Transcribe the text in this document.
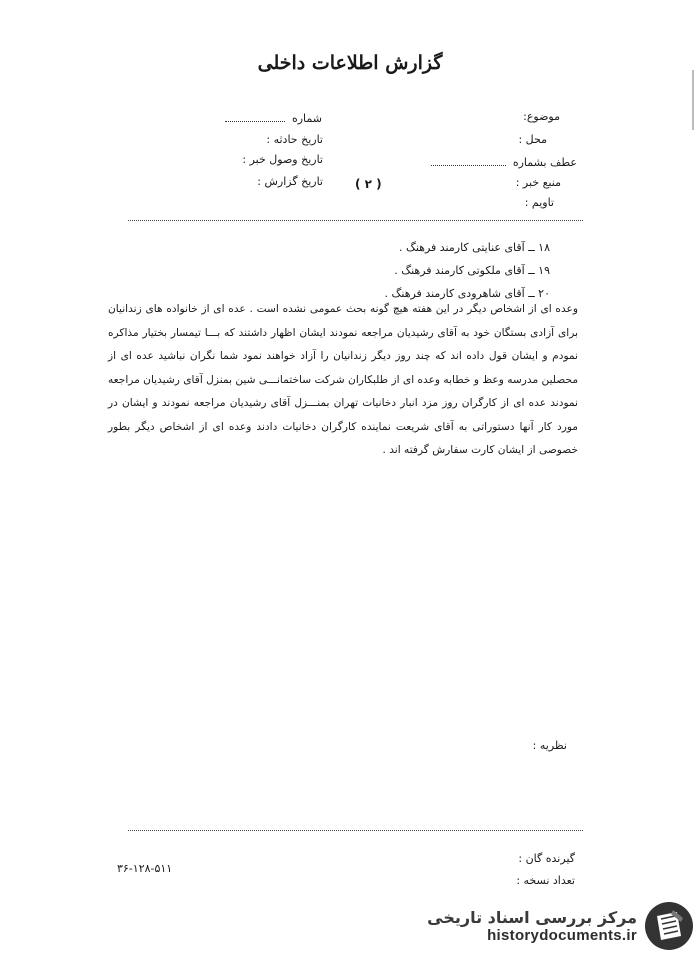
گزارش اطلاعات داخلی
موضوع:
محل :
عطف بشماره
منبع خبر :
تاویم :
شماره
تاریخ حادثه :
تاریخ وصول خبر :
تاریخ گزارش :	( ۲ )
۱۸ ــ آقای عنایتی کارمند فرهنگ .
۱۹ ــ آقای ملکوتی کارمند فرهنگ .
۲۰ ــ آقای شاهرودی کارمند فرهنگ .
وعده ای از اشخاص دیگر در این هفته هیچ گونه بحث عمومی نشده است . عده ای از خانواده های زندانیان برای آزادی بستگان خود به آقای رشیدیان مراجعه نمودند ایشان اظهار داشتند که بـــا تیمسار بختیار مذاکره نمودم و ایشان قول داده اند که چند روز دیگر زندانیان را آزاد خواهند نمود شما نگران نباشید عده ای از محصلین مدرسه وعظ و خطابه وعده ای از طلبکاران شرکت ساختمانـــی شین بمنزل آقای رشیدیان مراجعه نمودند عده ای از کارگران روز مزد انبار دخانیات تهران بمنـــزل آقای رشیدیان مراجعه نمودند و ایشان در مورد کار آنها دستوراتی به آقای شریعت نماینده کارگران دخانیات دادند وعده ای از اشخاص دیگر بطور خصوصی از ایشان کارت سفارش گرفته اند .
نظریه :
گیرنده گان :
تعداد نسخه :
۳۶-۱۲۸-۵۱۱
مرکز بررسی اسناد تاریخی
historydocuments.ir
